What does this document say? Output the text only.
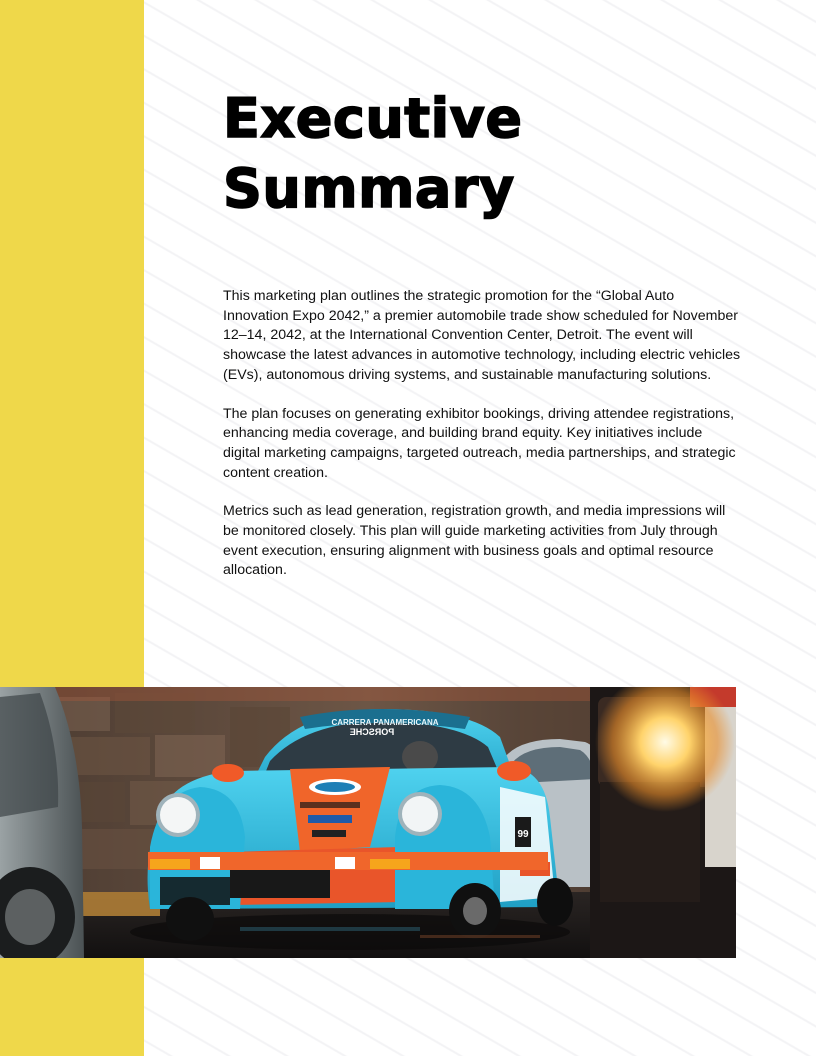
Executive Summary

This marketing plan outlines the strategic promotion for the “Global Auto Innovation Expo 2042,” a premier automobile trade show scheduled for November 12–14, 2042, at the International Convention Center, Detroit. The event will showcase the latest advances in automotive technology, including electric vehicles (EVs), autonomous driving systems, and sustainable manufacturing solutions.

The plan focuses on generating exhibitor bookings, driving attendee registrations, enhancing media coverage, and building brand equity. Key initiatives include digital marketing campaigns, targeted outreach, media partnerships, and strategic content creation.

Metrics such as lead generation, registration growth, and media impressions will be monitored closely. This plan will guide marketing activities from July through event execution, ensuring alignment with business goals and optimal resource allocation.

CARRERA PANAMERICANA
PORSCHE
99
